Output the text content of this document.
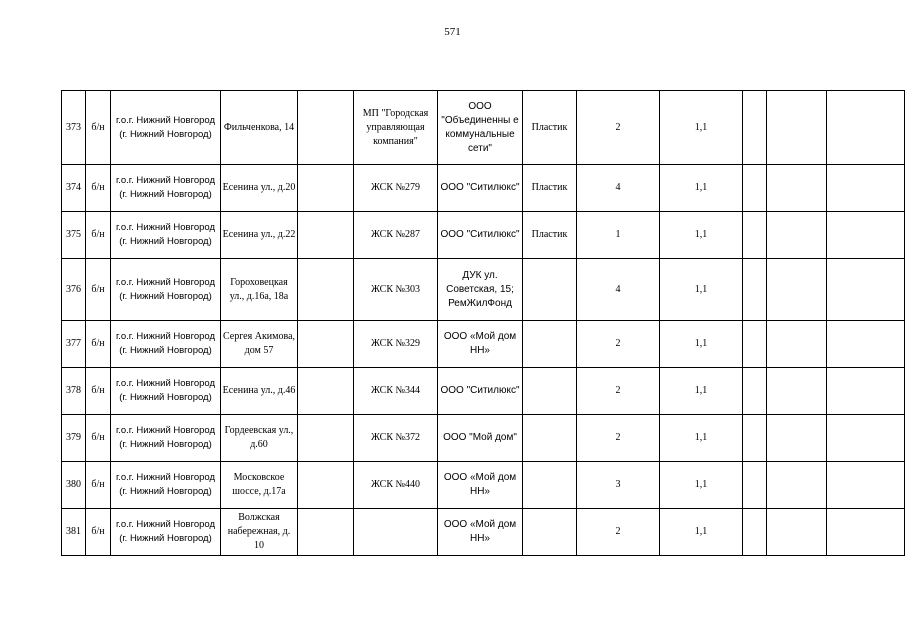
571
373	б/н	г.о.г. Нижний Новгород (г. Нижний Новгород)	Фильченкова, 14		МП "Городская управляющая компания"	ООО "Объединенны е коммунальные сети"	Пластик	2	1,1			
374	б/н	г.о.г. Нижний Новгород (г. Нижний Новгород)	Есенина ул., д.20		ЖСК №279	ООО "Ситилюкс"	Пластик	4	1,1			
375	б/н	г.о.г. Нижний Новгород (г. Нижний Новгород)	Есенина ул., д.22		ЖСК №287	ООО "Ситилюкс"	Пластик	1	1,1			
376	б/н	г.о.г. Нижний Новгород (г. Нижний Новгород)	Гороховецкая ул., д.16а, 18а		ЖСК №303	ДУК ул. Советская, 15; РемЖилФонд		4	1,1			
377	б/н	г.о.г. Нижний Новгород (г. Нижний Новгород)	Сергея Акимова, дом 57		ЖСК №329	ООО «Мой дом НН»		2	1,1			
378	б/н	г.о.г. Нижний Новгород (г. Нижний Новгород)	Есенина ул., д.46		ЖСК №344	ООО "Ситилюкс"		2	1,1			
379	б/н	г.о.г. Нижний Новгород (г. Нижний Новгород)	Гордеевская ул., д.60		ЖСК №372	ООО "Мой дом"		2	1,1			
380	б/н	г.о.г. Нижний Новгород (г. Нижний Новгород)	Московское шоссе, д.17а		ЖСК №440	ООО «Мой дом НН»		3	1,1			
381	б/н	г.о.г. Нижний Новгород (г. Нижний Новгород)	Волжская набережная, д. 10			ООО «Мой дом НН»		2	1,1			
